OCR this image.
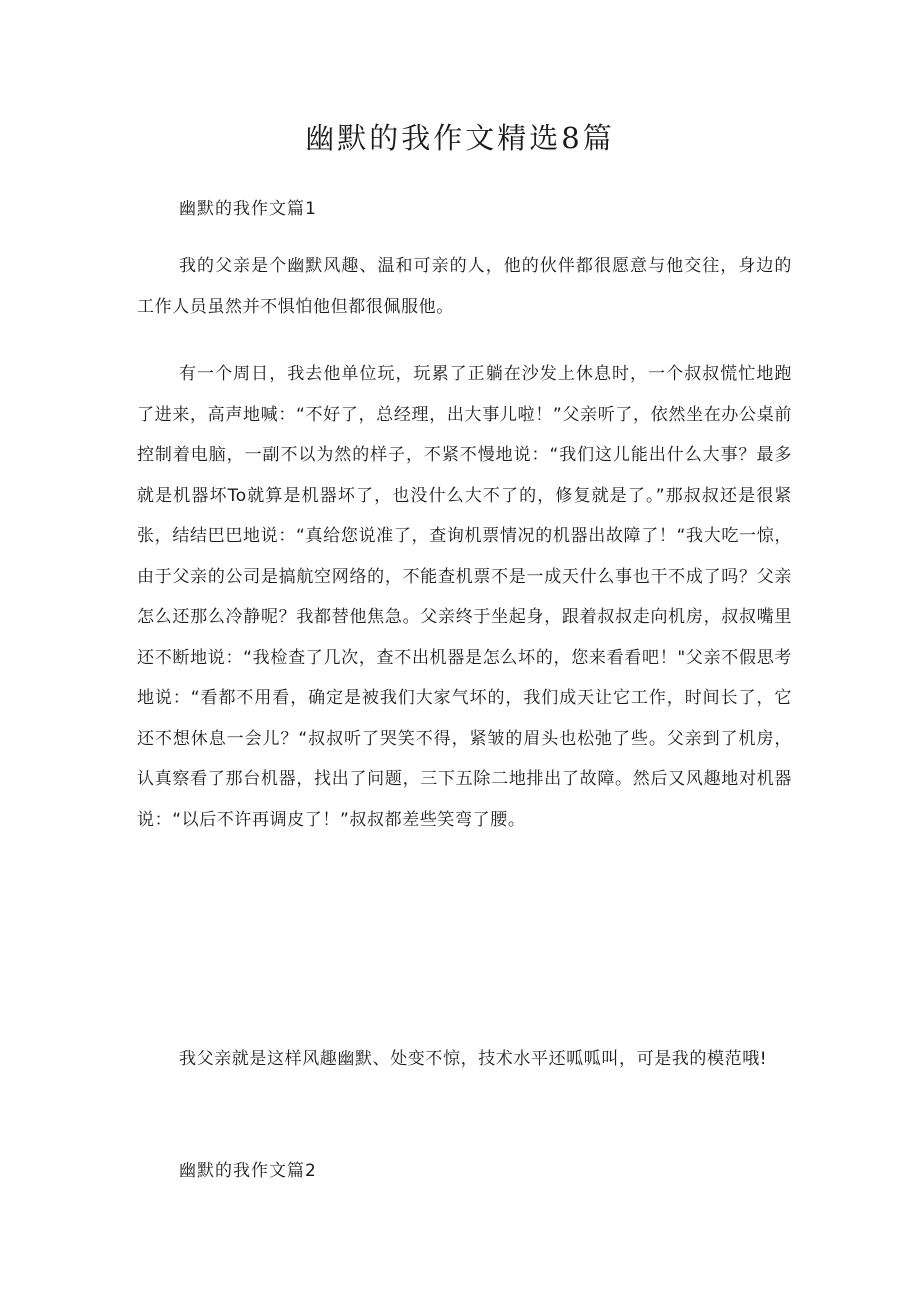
幽默的我作文精选8篇
幽默的我作文篇1

我的父亲是个幽默风趣、温和可亲的人，他的伙伴都很愿意与他交往，身边的工作人员虽然并不惧怕他但都很佩服他。

有一个周日，我去他单位玩，玩累了正躺在沙发上休息时，一个叔叔慌忙地跑了进来，高声地喊：“不好了，总经理，出大事儿啦！”父亲听了，依然坐在办公桌前控制着电脑，一副不以为然的样子，不紧不慢地说：“我们这儿能出什么大事？最多就是机器坏To就算是机器坏了，也没什么大不了的，修复就是了。”那叔叔还是很紧张，结结巴巴地说：“真给您说准了，查询机票情况的机器出故障了！“我大吃一惊，由于父亲的公司是搞航空网络的，不能查机票不是一成天什么事也干不成了吗？父亲怎么还那么冷静呢？我都替他焦急。父亲终于坐起身，跟着叔叔走向机房，叔叔嘴里还不断地说：“我检查了几次，查不出机器是怎么坏的，您来看看吧！"父亲不假思考地说：“看都不用看，确定是被我们大家气坏的，我们成天让它工作，时间长了，它还不想休息一会儿？“叔叔听了哭笑不得，紧皱的眉头也松弛了些。父亲到了机房，认真察看了那台机器，找出了问题，三下五除二地排出了故障。然后又风趣地对机器说：“以后不许再调皮了！”叔叔都差些笑弯了腰。

我父亲就是这样风趣幽默、处变不惊，技术水平还呱呱叫，可是我的模范哦!

幽默的我作文篇2
